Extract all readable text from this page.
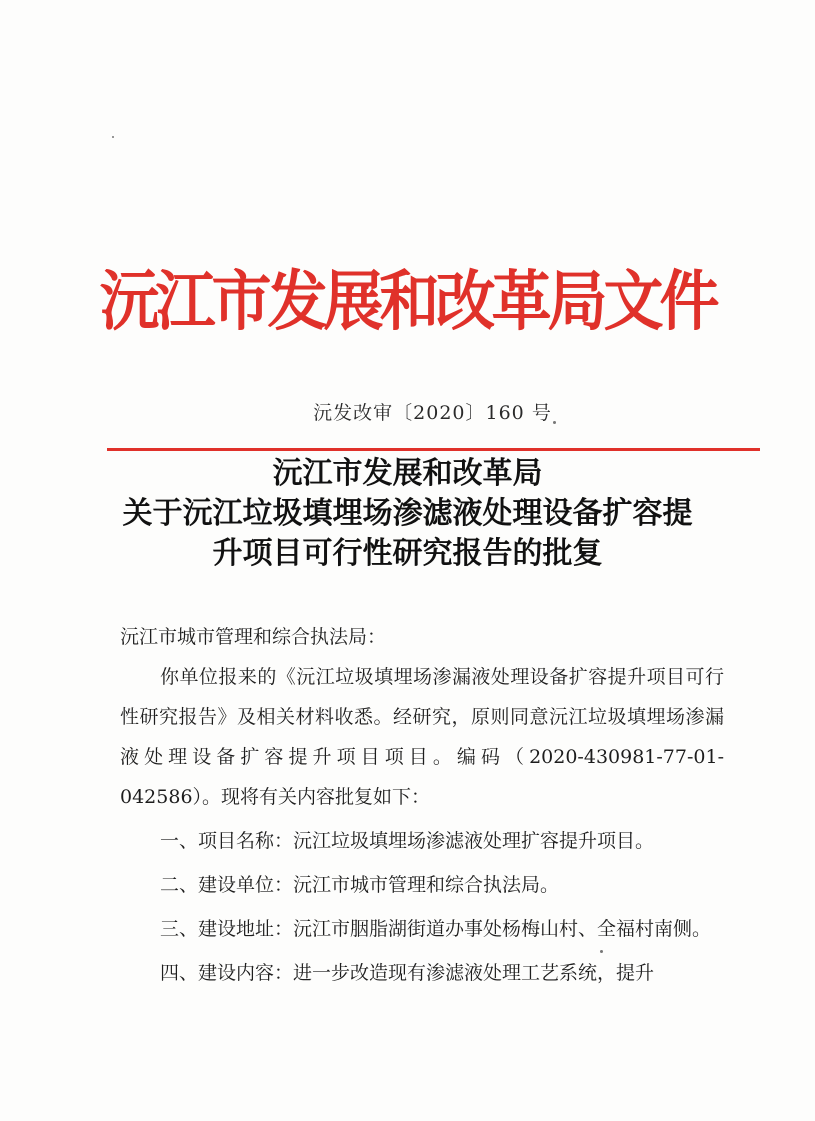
沅江市发展和改革局文件
沅发改审〔2020〕160 号
沅江市发展和改革局
关于沅江垃圾填埋场渗滤液处理设备扩容提
升项目可行性研究报告的批复

沅江市城市管理和综合执法局：

你单位报来的《沅江垃圾填埋场渗漏液处理设备扩容提升项目可行性研究报告》及相关材料收悉。经研究，原则同意沅江垃圾填埋场渗漏液处理设备扩容提升项目项目。编码（2020-430981-77-01-042586）。现将有关内容批复如下：

一、项目名称：沅江垃圾填埋场渗滤液处理扩容提升项目。

二、建设单位：沅江市城市管理和综合执法局。

三、建设地址：沅江市胭脂湖街道办事处杨梅山村、全福村南侧。

四、建设内容：进一步改造现有渗滤液处理工艺系统，提升
